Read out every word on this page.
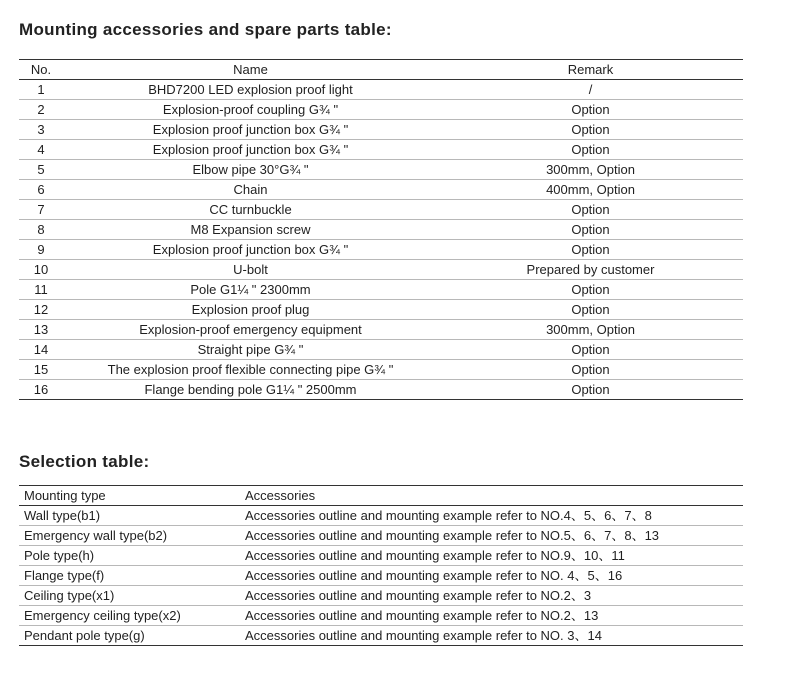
Mounting accessories and spare parts table:
No.	Name	Remark
1	BHD7200 LED explosion proof light	/
2	Explosion-proof coupling G¾ "	Option
3	Explosion proof junction box G¾ "	Option
4	Explosion proof junction box G¾ "	Option
5	Elbow pipe 30°G¾ "	300mm, Option
6	Chain	400mm, Option
7	CC turnbuckle	Option
8	M8 Expansion screw	Option
9	Explosion proof junction box G¾ "	Option
10	U-bolt	Prepared by customer
11	Pole G1¼ " 2300mm	Option
12	Explosion proof plug	Option
13	Explosion-proof emergency equipment	300mm, Option
14	Straight pipe G¾ "	Option
15	The explosion proof flexible connecting pipe G¾ "	Option
16	Flange bending pole G1¼ " 2500mm	Option
Selection table:
Mounting type	Accessories
Wall type(b1)	Accessories outline and mounting example refer to NO.4、5、6、7、8
Emergency wall type(b2)	Accessories outline and mounting example refer to NO.5、6、7、8、13
Pole type(h)	Accessories outline and mounting example refer to NO.9、10、11
Flange type(f)	Accessories outline and mounting example refer to NO. 4、5、16
Ceiling type(x1)	Accessories outline and mounting example refer to NO.2、3
Emergency ceiling type(x2)	Accessories outline and mounting example refer to NO.2、13
Pendant pole type(g)	Accessories outline and mounting example refer to NO. 3、14
